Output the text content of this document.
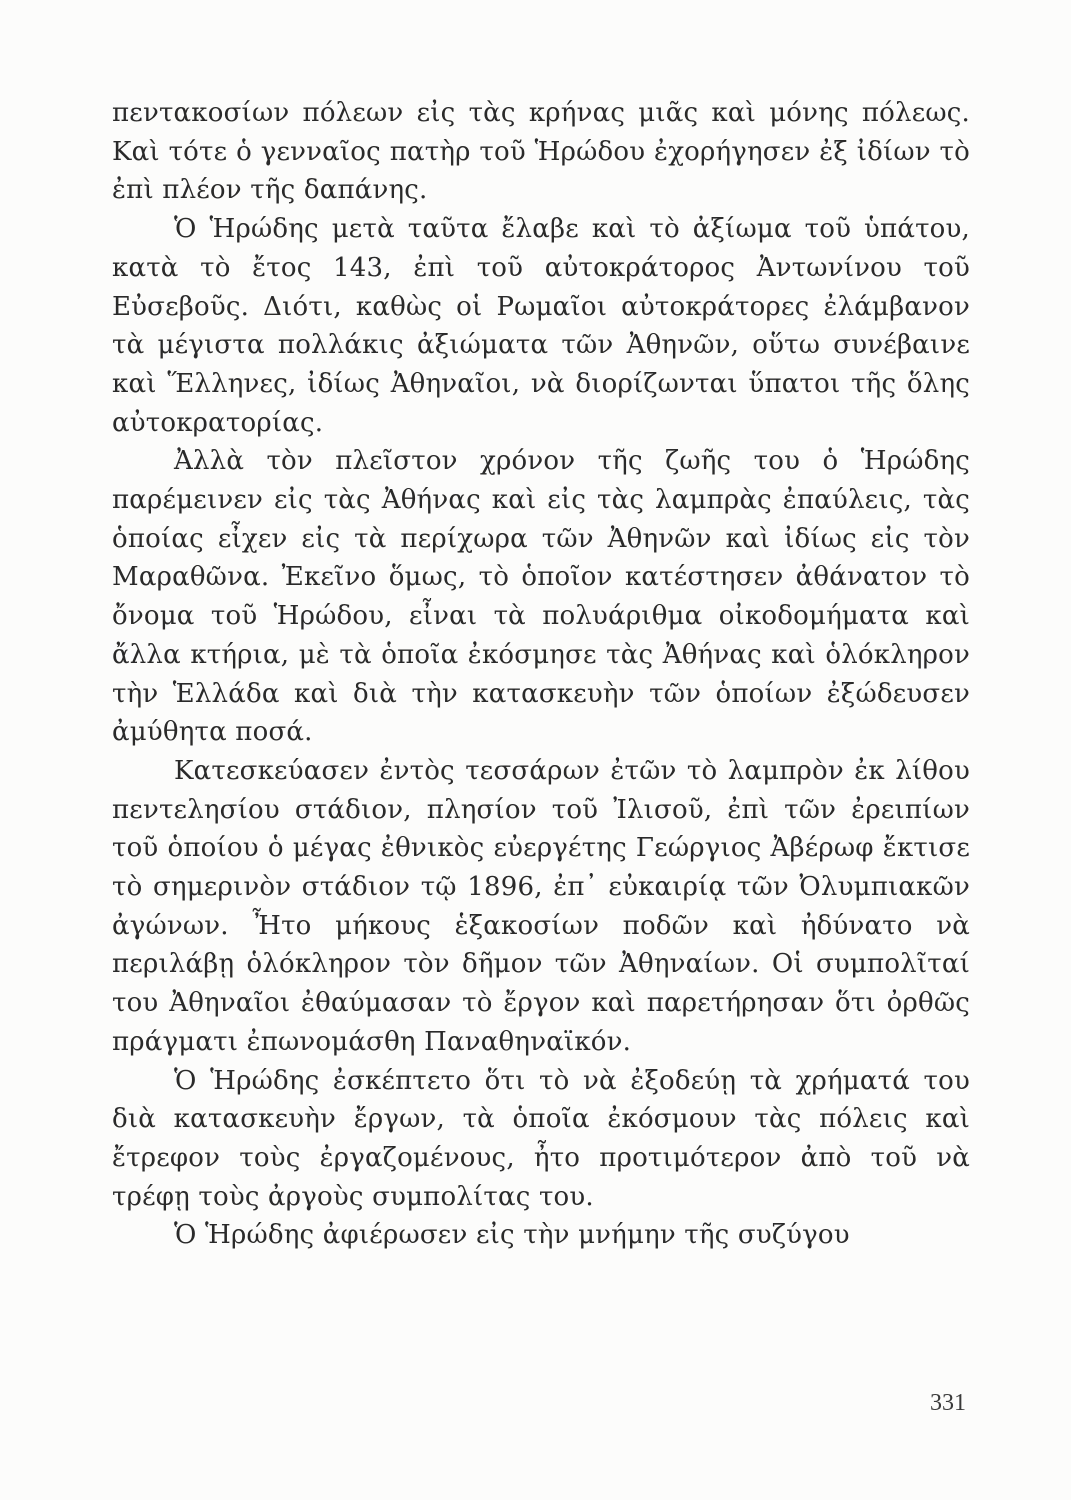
πεντακοσίων πόλεων εἰς τὰς κρήνας μιᾶς καὶ μόνης πόλεως. Καὶ τότε ὁ γενναῖος πατὴρ τοῦ Ἡρώδου ἐχορήγησεν ἐξ ἰδίων τὸ ἐπὶ πλέον τῆς δαπάνης.

Ὁ Ἡρώδης μετὰ ταῦτα ἔλαβε καὶ τὸ ἀξίωμα τοῦ ὑπάτου, κατὰ τὸ ἔτος 143, ἐπὶ τοῦ αὐτοκράτορος Ἀντωνίνου τοῦ Εὐσεβοῦς. Διότι, καθὼς οἱ Ρωμαῖοι αὐτοκράτορες ἐλάμβανον τὰ μέγιστα πολλάκις ἀξιώματα τῶν Ἀθηνῶν, οὕτω συνέβαινε καὶ Ἕλληνες, ἰδίως Ἀθηναῖοι, νὰ διορίζωνται ὕπατοι τῆς ὅλης αὐτοκρατορίας.

Ἀλλὰ τὸν πλεῖστον χρόνον τῆς ζωῆς του ὁ Ἡρώδης παρέμεινεν εἰς τὰς Ἀθήνας καὶ εἰς τὰς λαμπρὰς ἐπαύλεις, τὰς ὁποίας εἶχεν εἰς τὰ περίχωρα τῶν Ἀθηνῶν καὶ ἰδίως εἰς τὸν Μαραθῶνα. Ἐκεῖνο ὅμως, τὸ ὁποῖον κατέστησεν ἀθάνατον τὸ ὄνομα τοῦ Ἡρώδου, εἶναι τὰ πολυάριθμα οἰκοδομήματα καὶ ἄλλα κτήρια, μὲ τὰ ὁποῖα ἐκόσμησε τὰς Ἀθήνας καὶ ὁλόκληρον τὴν Ἑλλάδα καὶ διὰ τὴν κατασκευὴν τῶν ὁποίων ἐξώδευσεν ἀμύθητα ποσά.

Κατεσκεύασεν ἐντὸς τεσσάρων ἐτῶν τὸ λαμπρὸν ἐκ λίθου πεντελησίου στάδιον, πλησίον τοῦ Ἰλισοῦ, ἐπὶ τῶν ἐρειπίων τοῦ ὁποίου ὁ μέγας ἐθνικὸς εὐεργέτης Γεώργιος Ἀβέρωφ ἔκτισε τὸ σημερινὸν στάδιον τῷ 1896, ἐπ᾿ εὐκαιρίᾳ τῶν Ὀλυμπιακῶν ἀγώνων. Ἦτο μήκους ἑξακοσίων ποδῶν καὶ ἠδύνατο νὰ περιλάβῃ ὁλόκληρον τὸν δῆμον τῶν Ἀθηναίων. Οἱ συμπολῖταί του Ἀθηναῖοι ἐθαύμασαν τὸ ἔργον καὶ παρετήρησαν ὅτι ὀρθῶς πράγματι ἐπωνομάσθη Παναθηναϊκόν.

Ὁ Ἡρώδης ἐσκέπτετο ὅτι τὸ νὰ ἐξοδεύῃ τὰ χρήματά του διὰ κατασκευὴν ἔργων, τὰ ὁποῖα ἐκόσμουν τὰς πόλεις καὶ ἔτρεφον τοὺς ἐργαζομένους, ἦτο προτιμότερον ἀπὸ τοῦ νὰ τρέφῃ τοὺς ἀργοὺς συμπολίτας του.

Ὁ Ἡρώδης ἀφιέρωσεν εἰς τὴν μνήμην τῆς συζύγου

331
